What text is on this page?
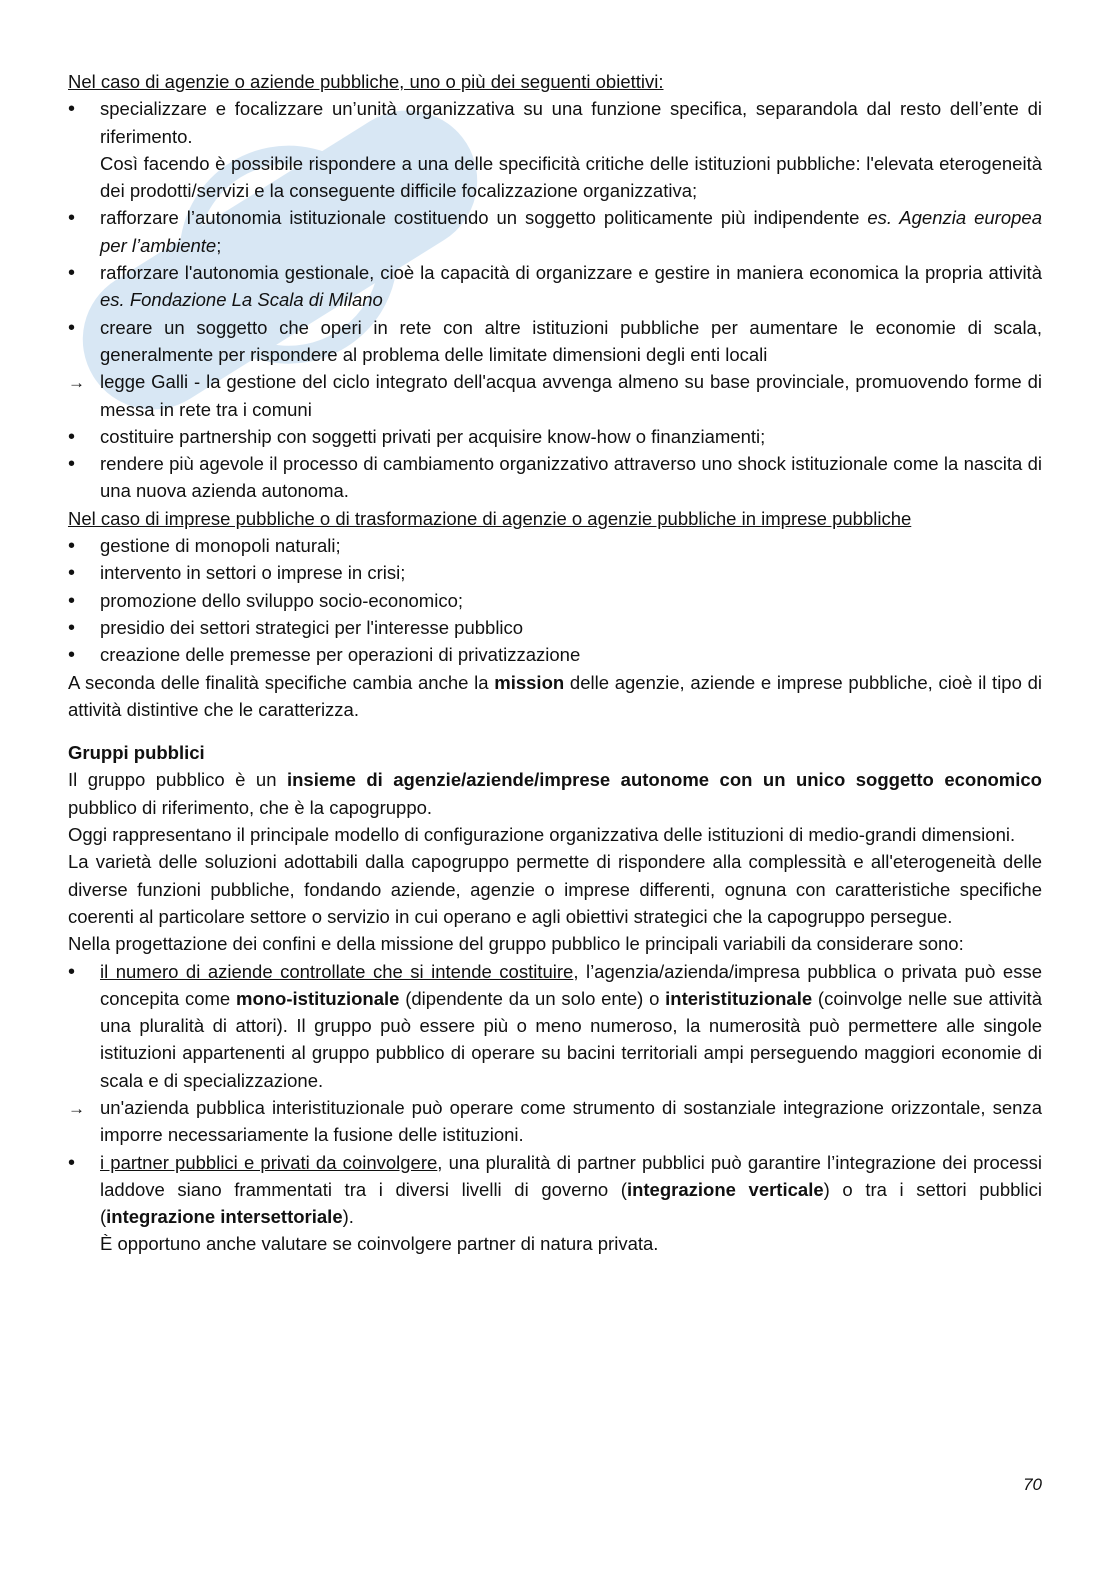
Nel caso di agenzie o aziende pubbliche, uno o più dei seguenti obiettivi:

•
specializzare e focalizzare un’unità organizzativa su una funzione specifica, separandola dal resto dell’ente di riferimento.
Così facendo è possibile rispondere a una delle specificità critiche delle istituzioni pubbliche: l'elevata eterogeneità dei prodotti/servizi e la conseguente difficile focalizzazione organizzativa;
•
rafforzare l’autonomia istituzionale costituendo un soggetto politicamente più indipendente es. Agenzia europea per l’ambiente;
•
rafforzare l'autonomia gestionale, cioè la capacità di organizzare e gestire in maniera economica la propria attività es. Fondazione La Scala di Milano
•
creare un soggetto che operi in rete con altre istituzioni pubbliche per aumentare le economie di scala, generalmente per rispondere al problema delle limitate dimensioni degli enti locali
→
legge Galli - la gestione del ciclo integrato dell'acqua avvenga almeno su base provinciale, promuovendo forme di messa in rete tra i comuni
•
costituire partnership con soggetti privati per acquisire know-how o finanziamenti;
•
rendere più agevole il processo di cambiamento organizzativo attraverso uno shock istituzionale come la nascita di una nuova azienda autonoma.

Nel caso di imprese pubbliche o di trasformazione di agenzie o agenzie pubbliche in imprese pubbliche

•
gestione di monopoli naturali;
•
intervento in settori o imprese in crisi;
•
promozione dello sviluppo socio-economico;
•
presidio dei settori strategici per l'interesse pubblico
•
creazione delle premesse per operazioni di privatizzazione

A seconda delle finalità specifiche cambia anche la mission delle agenzie, aziende e imprese pubbliche, cioè il tipo di attività distintive che le caratterizza.

Gruppi pubblici

Il gruppo pubblico è un insieme di agenzie/aziende/imprese autonome con un unico soggetto economico pubblico di riferimento, che è la capogruppo.

Oggi rappresentano il principale modello di configurazione organizzativa delle istituzioni di medio-grandi dimensioni.

La varietà delle soluzioni adottabili dalla capogruppo permette di rispondere alla complessità e all'eterogeneità delle diverse funzioni pubbliche, fondando aziende, agenzie o imprese differenti, ognuna con caratteristiche specifiche coerenti al particolare settore o servizio in cui operano e agli obiettivi strategici che la capogruppo persegue.

Nella progettazione dei confini e della missione del gruppo pubblico le principali variabili da considerare sono:

•
il numero di aziende controllate che si intende costituire, l’agenzia/azienda/impresa pubblica o privata può esse concepita come mono-istituzionale (dipendente da un solo ente) o interistituzionale (coinvolge nelle sue attività una pluralità di attori). Il gruppo può essere più o meno numeroso, la numerosità può permettere alle singole istituzioni appartenenti al gruppo pubblico di operare su bacini territoriali ampi perseguendo maggiori economie di scala e di specializzazione.
→
un'azienda pubblica interistituzionale può operare come strumento di sostanziale integrazione orizzontale, senza imporre necessariamente la fusione delle istituzioni.
•
i partner pubblici e privati da coinvolgere, una pluralità di partner pubblici può garantire l’integrazione dei processi laddove siano frammentati tra i diversi livelli di governo (integrazione verticale) o tra i settori pubblici (integrazione intersettoriale).
È opportuno anche valutare se coinvolgere partner di natura privata.
70
